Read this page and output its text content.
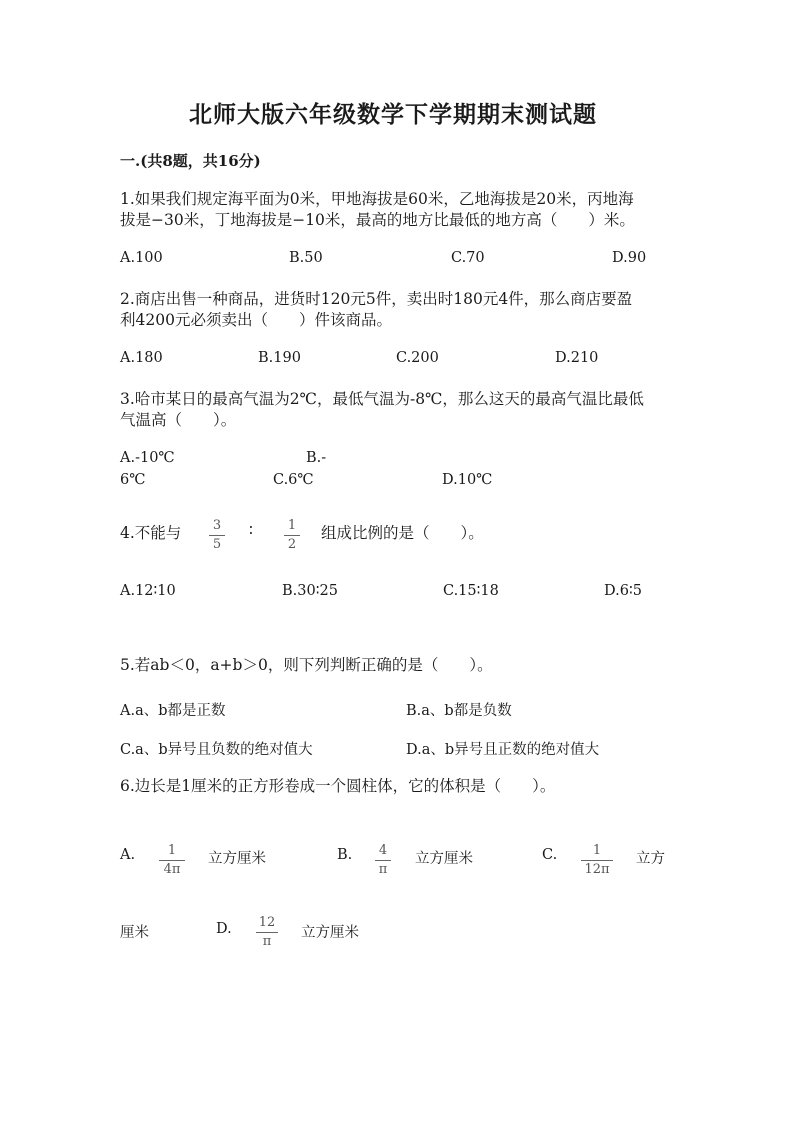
北师大版六年级数学下学期期末测试题
一.(共8题，共16分)
1.如果我们规定海平面为0米，甲地海拔是60米，乙地海拔是20米，丙地海
拔是−30米，丁地海拔是−10米，最高的地方比最低的地方高（　　）米。
A.100	B.50	C.70	D.90
2.商店出售一种商品，进货时120元5件，卖出时180元4件，那么商店要盈
利4200元必须卖出（　　）件该商品。
A.180	B.190	C.200	D.210
3.哈市某日的最高气温为2℃，最低气温为-8℃，那么这天的最高气温比最低
气温高（　　）。
A.-10℃	B.-
6℃	C.6℃	D.10℃
4.不能与 3
5
∶	1
2
组成比例的是（　　）。
A.12∶10	B.30∶25	C.15∶18	D.6∶5
5.若ab＜0，a+b＞0，则下列判断正确的是（　　）。
A.a、b都是正数	B.a、b都是负数
C.a、b异号且负数的绝对值大	D.a、b异号且正数的绝对值大
6.边长是1厘米的正方形卷成一个圆柱体，它的体积是（　　）。
A.	1
4π
立方厘米	B. 4
π
立方厘米	C.	1
12π
立方
厘米	D. 12
π
立方厘米
